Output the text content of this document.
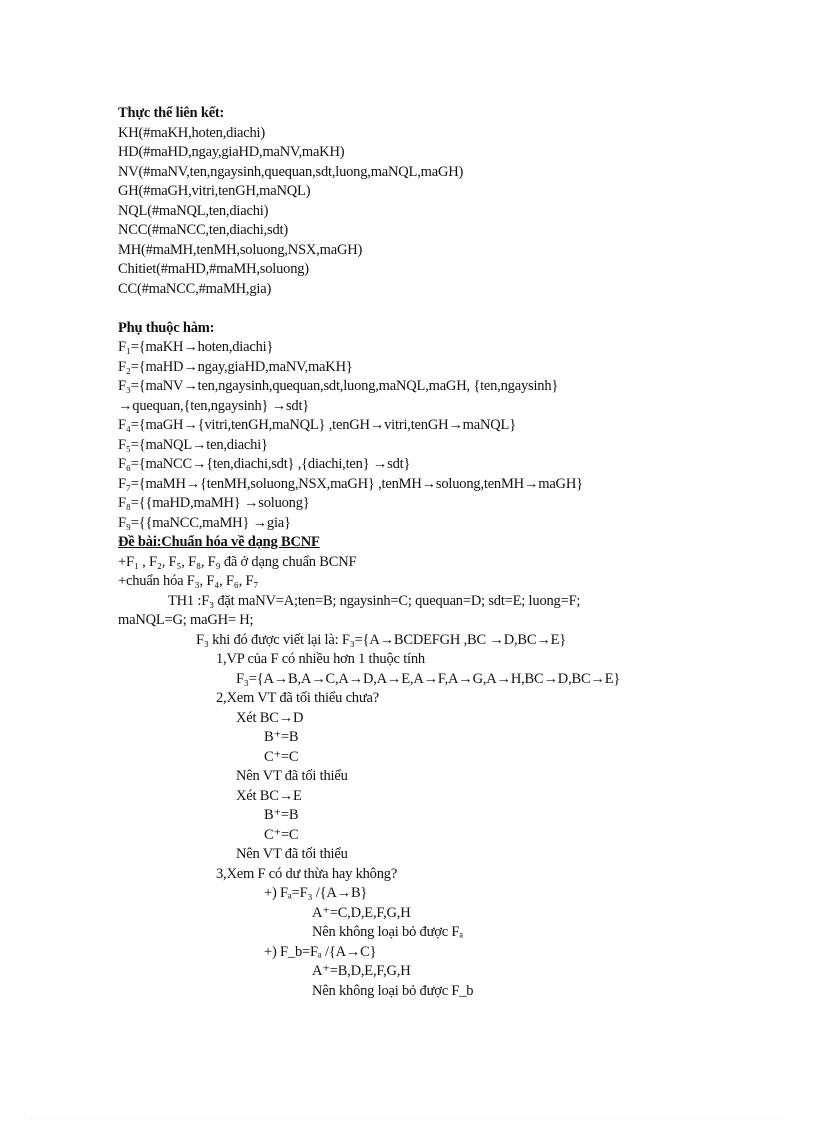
Thực thể liên kết:
KH(#maKH,hoten,diachi)
HD(#maHD,ngay,giaHD,maNV,maKH)
NV(#maNV,ten,ngaysinh,quequan,sdt,luong,maNQL,maGH)
GH(#maGH,vitri,tenGH,maNQL)
NQL(#maNQL,ten,diachi)
NCC(#maNCC,ten,diachi,sdt)
MH(#maMH,tenMH,soluong,NSX,maGH)
Chitiet(#maHD,#maMH,soluong)
CC(#maNCC,#maMH,gia)
Phụ thuộc hàm:
F₁={maKH→hoten,diachi}
F₂={maHD→ngay,giaHD,maNV,maKH}
F₃={maNV→ten,ngaysinh,quequan,sdt,luong,maNQL,maGH, {ten,ngaysinh}
→quequan,{ten,ngaysinh} →sdt}
F₄={maGH→{vitri,tenGH,maNQL} ,tenGH→vitri,tenGH→maNQL}
F₅={maNQL→ten,diachi}
F₆={maNCC→{ten,diachi,sdt} ,{diachi,ten} →sdt}
F₇={maMH→{tenMH,soluong,NSX,maGH} ,tenMH→soluong,tenMH→maGH}
F₈={{maHD,maMH} →soluong}
F₉={{maNCC,maMH} →gia}
Đề bài:Chuẩn hóa về dạng BCNF
+F₁ , F₂, F₅, F₈, F₉ đã ở dạng chuẩn BCNF
+chuẩn hóa F₃, F₄, F₆, F₇
TH1 :F₃ đặt maNV=A;ten=B; ngaysinh=C; quequan=D; sdt=E; luong=F;
maNQL=G; maGH= H;
F₃ khi đó được viết lại là: F₃={A→BCDEFGH ,BC →D,BC→E}
1,VP của F có nhiều hơn 1 thuộc tính
F₃={A→B,A→C,A→D,A→E,A→F,A→G,A→H,BC→D,BC→E}
2,Xem VT đã tối thiểu chưa?
Xét BC→D
B⁺=B
C⁺=C
Nên VT đã tối thiểu
Xét BC→E
B⁺=B
C⁺=C
Nên VT đã tối thiểu
3,Xem F có dư thừa hay không?
+) Fₐ=F₃ /{A→B}
A⁺=C,D,E,F,G,H
Nên không loại bỏ được Fₐ
+) F_b=Fₐ /{A→C}
A⁺=B,D,E,F,G,H
Nên không loại bỏ được F_b
